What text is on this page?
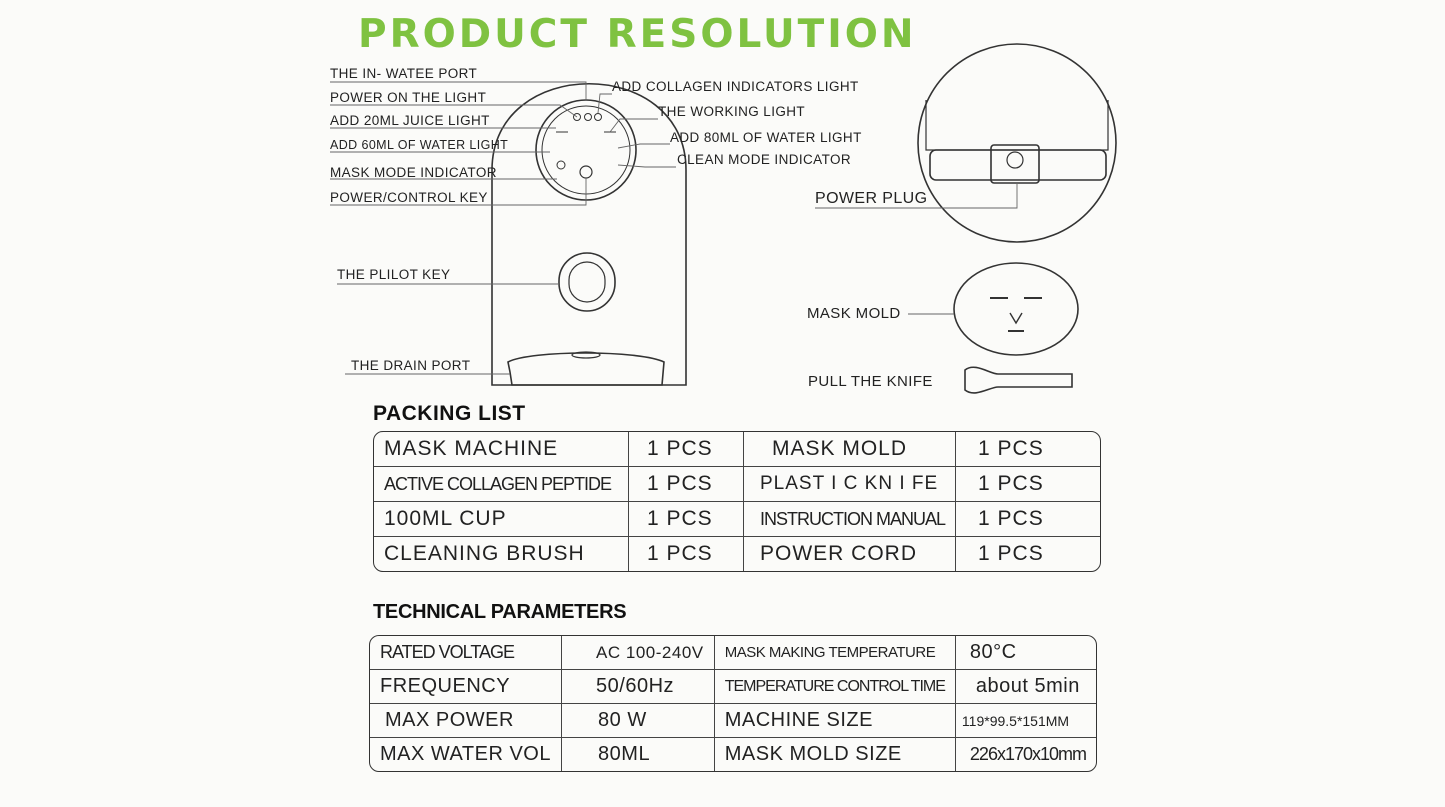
PRODUCT RESOLUTION
THE IN- WATEE PORT
POWER ON THE LIGHT
ADD 20ML JUICE LIGHT
ADD 60ML OF WATER LIGHT
MASK MODE INDICATOR
POWER/CONTROL KEY
THE PLILOT KEY
THE DRAIN PORT
ADD COLLAGEN INDICATORS LIGHT
THE WORKING LIGHT
ADD 80ML OF WATER LIGHT
CLEAN MODE INDICATOR
POWER PLUG
MASK MOLD
PULL THE KNIFE
PACKING LIST
MASK MACHINE	1 PCS	MASK MOLD	1 PCS
ACTIVE COLLAGEN PEPTIDE	1 PCS	PLAST I C KN I FE	1 PCS
100ML CUP	1 PCS	INSTRUCTION MANUAL	1 PCS
CLEANING BRUSH	1 PCS	POWER CORD	1 PCS
TECHNICAL PARAMETERS
RATED VOLTAGE	AC 100-240V	MASK MAKING TEMPERATURE	80°C
FREQUENCY	50/60Hz	TEMPERATURE CONTROL TIME	about 5min
MAX POWER	80 W	MACHINE SIZE	119*99.5*151MM
MAX WATER VOL	80ML	MASK MOLD SIZE	226x170x10mm
